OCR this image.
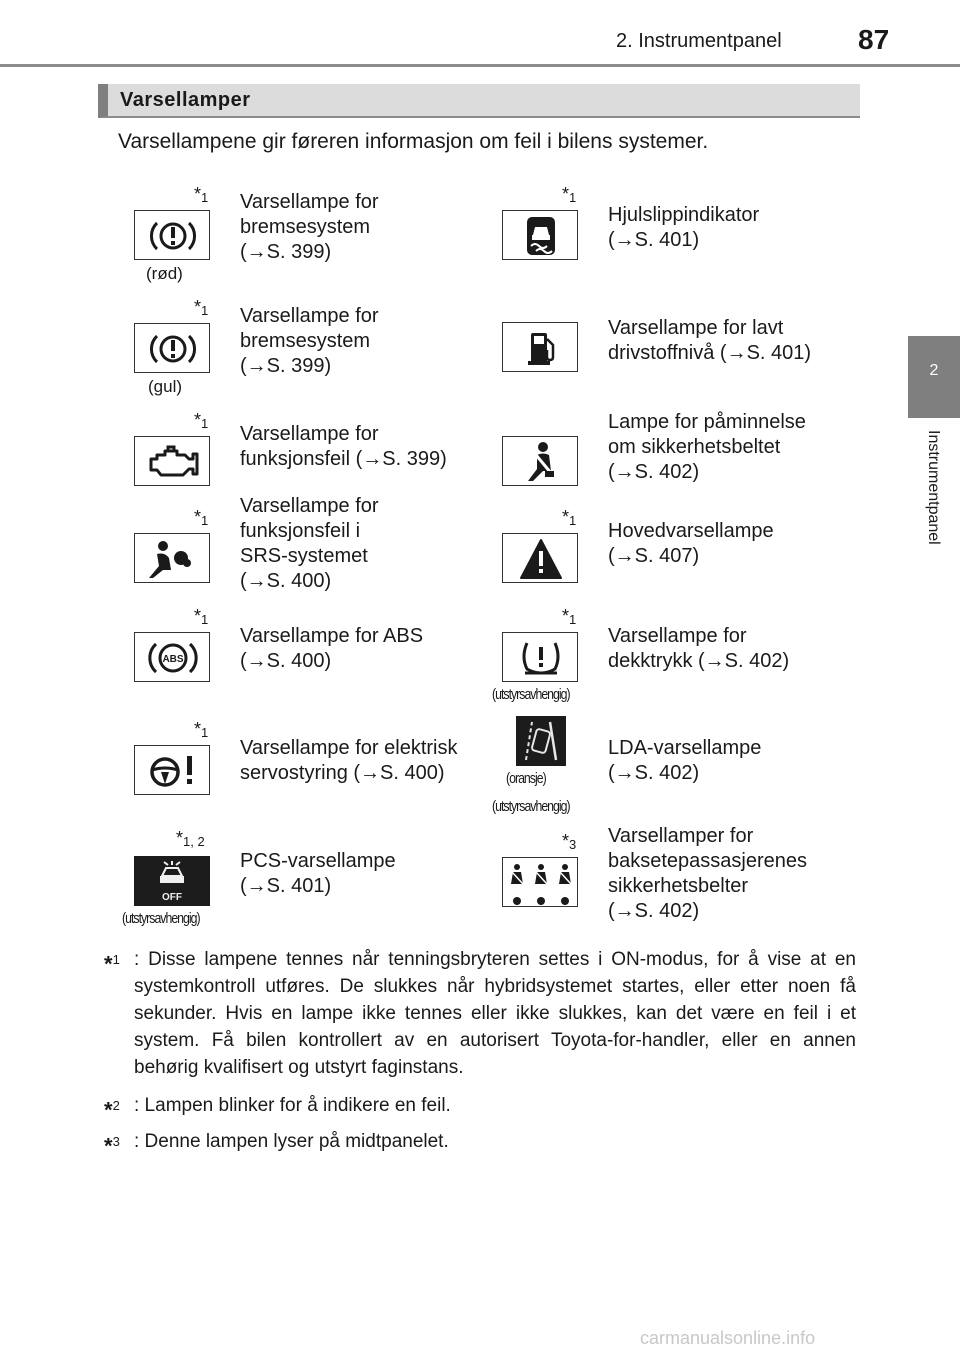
2. Instrumentpanel	87
2
Instrumentpanel
Varsellamper
Varsellampene gir føreren informasjon om feil i bilens systemer.
$*_1$
(rød)
Varsellampe for
bremsesystem
(→S. 399)
$*_1$
Hjulslippindikator
(→S. 401)
$*_1$
(gul)
Varsellampe for
bremsesystem
(→S. 399)
Varsellampe for lavt
drivstoffnivå (→S. 401)
$*_1$ Varsellampe for
funksjonsfeil (→S. 399)
Lampe for påminnelse
om sikkerhetsbeltet
(→S. 402)
$*_1$
Varsellampe for
funksjonsfeil i
SRS-systemet
(→S. 400)
$*_1$ Hovedvarsellampe
(→S. 407)
$*_1$
ABS
Varsellampe for ABS
(→S. 400)
$*_1$
(utstyrsavhengig)
Varsellampe for
dekktrykk (→S. 402)
$*_1$
Varsellampe for elektrisk
servostyring (→S. 400)	(oransje)
(utstyrsavhengig)
LDA-varsellampe
(→S. 402)
$*_{1, 2}$
OFF
(utstyrsavhengig)
PCS-varsellampe
(→S. 401)
$*_3$ Varsellamper for
baksetepassasjerenes
sikkerhetsbelter
(→S. 402)
*$^1$ : Disse lampene tennes når tenningsbryteren settes i ON-modus, for å vise at en systemkontroll utføres. De slukkes når hybridsystemet startes, eller etter noen få sekunder. Hvis en lampe ikke tennes eller ikke slukkes, kan det være en feil i et system. Få bilen kontrollert av en autorisert Toyota-for-handler, eller en annen behørig kvalifisert og utstyrt faginstans.
*$^2$ : Lampen blinker for å indikere en feil.
*$^3$ : Denne lampen lyser på midtpanelet.
carmanualsonline.info
